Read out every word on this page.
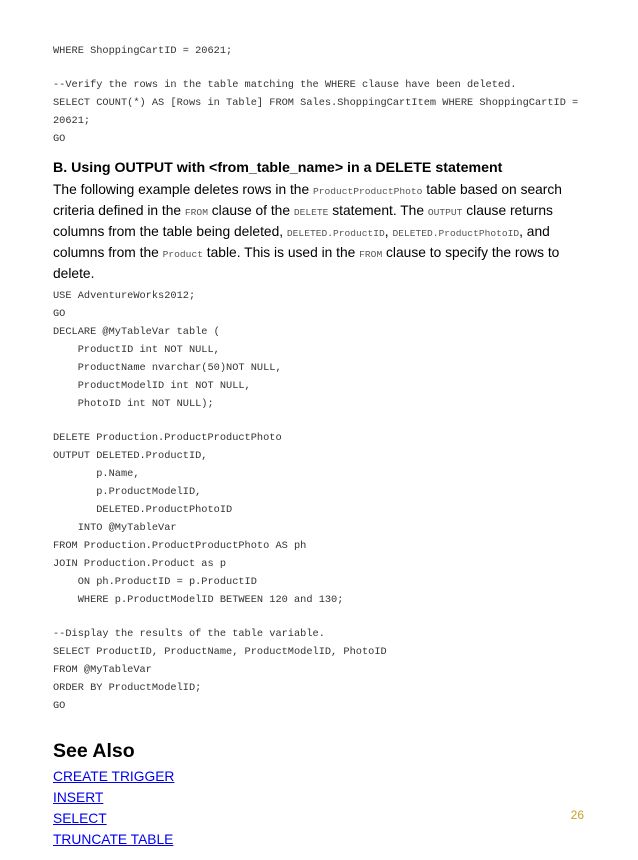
WHERE ShoppingCartID = 20621;
--Verify the rows in the table matching the WHERE clause have been deleted.
SELECT COUNT(*) AS [Rows in Table] FROM Sales.ShoppingCartItem WHERE ShoppingCartID =
20621;
GO
B. Using OUTPUT with <from_table_name> in a DELETE statement
The following example deletes rows in the ProductProductPhoto table based on search criteria defined in the FROM clause of the DELETE statement. The OUTPUT clause returns columns from the table being deleted, DELETED.ProductID, DELETED.ProductPhotoID, and columns from the Product table. This is used in the FROM clause to specify the rows to delete.
USE AdventureWorks2012;
GO
DECLARE @MyTableVar table (
ProductID int NOT NULL,
ProductName nvarchar(50)NOT NULL,
ProductModelID int NOT NULL,
PhotoID int NOT NULL);
DELETE Production.ProductProductPhoto
OUTPUT DELETED.ProductID,
p.Name,
p.ProductModelID,
DELETED.ProductPhotoID
INTO @MyTableVar
FROM Production.ProductProductPhoto AS ph
JOIN Production.Product as p
ON ph.ProductID = p.ProductID
WHERE p.ProductModelID BETWEEN 120 and 130;
--Display the results of the table variable.
SELECT ProductID, ProductName, ProductModelID, PhotoID
FROM @MyTableVar
ORDER BY ProductModelID;
GO
See Also
CREATE TRIGGER
INSERT
SELECT
TRUNCATE TABLE
26
